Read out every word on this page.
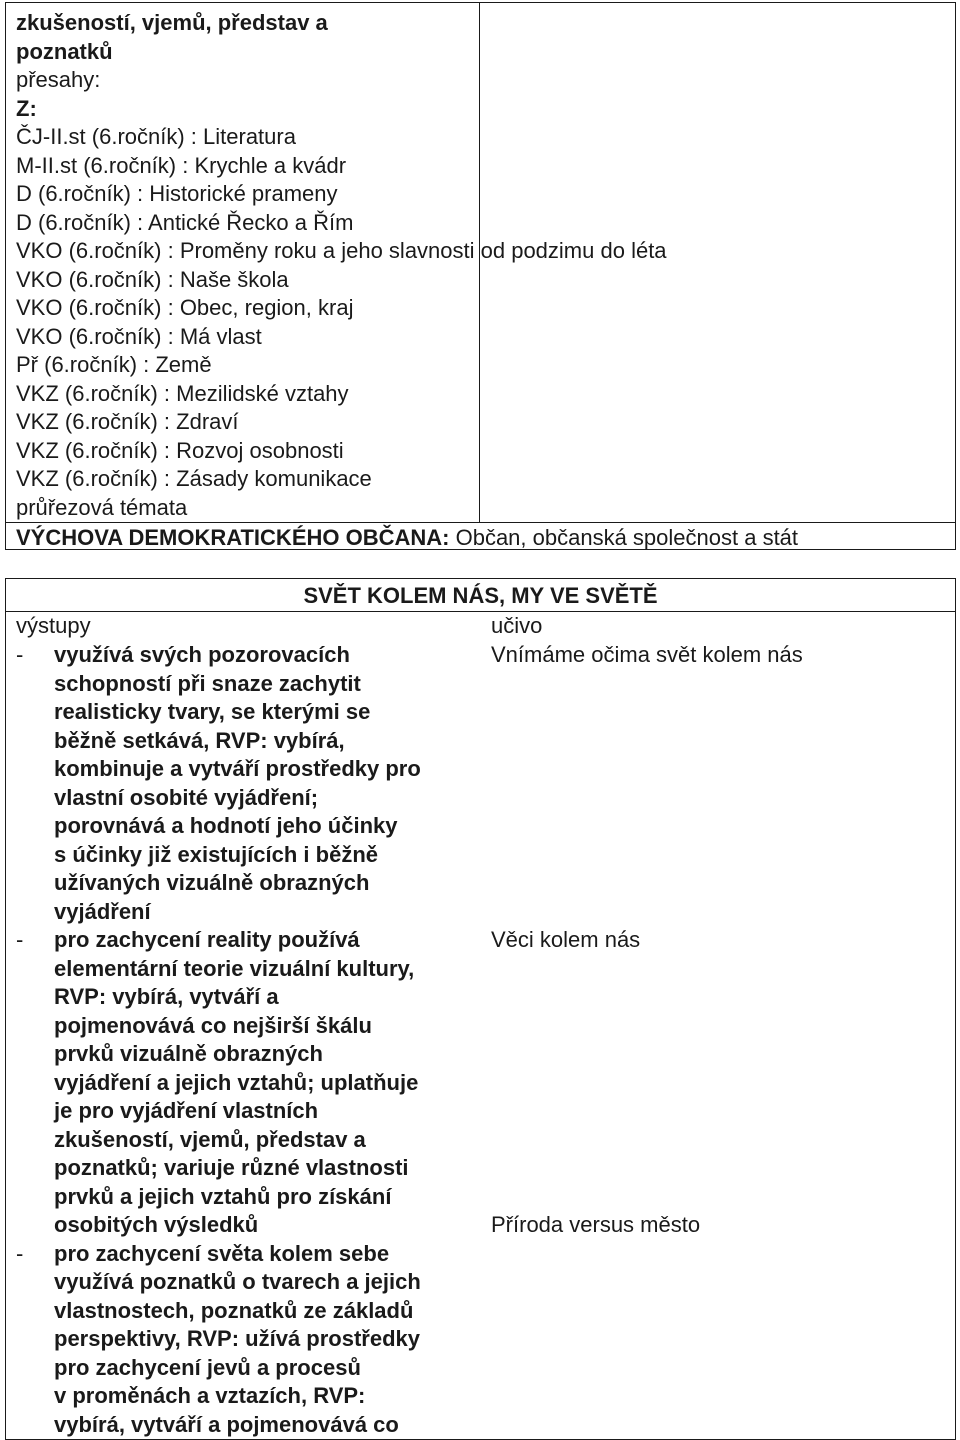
zkušeností, vjemů, představ a
poznatků
přesahy:
Z:
ČJ-II.st (6.ročník) : Literatura
M-II.st (6.ročník) : Krychle a kvádr
D (6.ročník) : Historické prameny
D (6.ročník) : Antické Řecko a Řím
VKO (6.ročník) : Proměny roku a jeho slavnosti od podzimu do léta
VKO (6.ročník) : Naše škola
VKO (6.ročník) : Obec, region, kraj
VKO (6.ročník) : Má vlast
Př (6.ročník) : Země
VKZ (6.ročník) : Mezilidské vztahy
VKZ (6.ročník) : Zdraví
VKZ (6.ročník) : Rozvoj osobnosti
VKZ (6.ročník) : Zásady komunikace
průřezová témata
VÝCHOVA DEMOKRATICKÉHO OBČANA: Občan, občanská společnost a stát
SVĚT KOLEM NÁS, MY VE SVĚTĚ
výstupy	učivo
- využívá svých pozorovacích
schopností při snaze zachytit
realisticky tvary, se kterými se
běžně setkává, RVP: vybírá,
kombinuje a vytváří prostředky pro
vlastní osobité vyjádření;
porovnává a hodnotí jeho účinky
s účinky již existujících i běžně
užívaných vizuálně obrazných
vyjádření
- pro zachycení reality používá
elementární teorie vizuální kultury,
RVP: vybírá, vytváří a
pojmenovává co nejširší škálu
prvků vizuálně obrazných
vyjádření a jejich vztahů; uplatňuje
je pro vyjádření vlastních
zkušeností, vjemů, představ a
poznatků; variuje různé vlastnosti
prvků a jejich vztahů pro získání
osobitých výsledků
- pro zachycení světa kolem sebe
využívá poznatků o tvarech a jejich
vlastnostech, poznatků ze základů
perspektivy, RVP: užívá prostředky
pro zachycení jevů a procesů
v proměnách a vztazích, RVP:
vybírá, vytváří a pojmenovává co
Vnímáme očima svět kolem nás
Věci kolem nás
Příroda versus město
